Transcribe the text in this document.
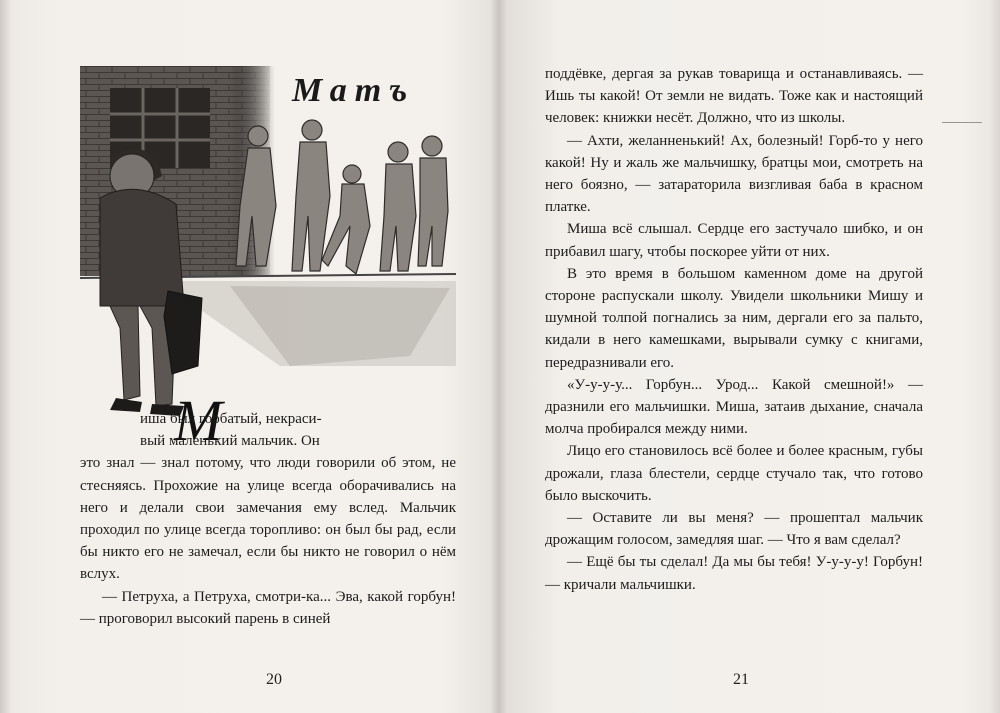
Матъ
М

иша был горбатый, некраси-

вый маленький мальчик. Он

это знал — знал потому, что люди говорили об этом, не стесняясь. Прохожие на улице всегда оборачивались на него и делали свои замечания ему вслед. Мальчик проходил по улице всегда торопливо: он был бы рад, если бы никто его не замечал, если бы никто не говорил о нём вслух.

— Петруха, а Петруха, смотри-ка... Эва, какой горбун! — проговорил высокий парень в синей

20	21

поддёвке, дергая за рукав товарища и останавливаясь. — Ишь ты какой! От земли не видать. Тоже как и настоящий человек: книжки несёт. Должно, что из школы.

— Ахти, желанненький! Ах, болезный! Горб-то у него какой! Ну и жаль же мальчишку, братцы мои, смотреть на него боязно, — затараторила визгливая баба в красном платке.

Миша всё слышал. Сердце его застучало шибко, и он прибавил шагу, чтобы поскорее уйти от них.

В это время в большом каменном доме на другой стороне распускали школу. Увидели школьники Мишу и шумной толпой погнались за ним, дергали его за пальто, кидали в него камешками, вырывали сумку с книгами, передразнивали его.

«У-у-у-у... Горбун... Урод... Какой смешной!» — дразнили его мальчишки. Миша, затаив дыхание, сначала молча пробирался между ними.

Лицо его становилось всё более и более красным, губы дрожали, глаза блестели, сердце стучало так, что готово было выскочить.

— Оставите ли вы меня? — прошептал мальчик дрожащим голосом, замедляя шаг. — Что я вам сделал?

— Ещё бы ты сделал! Да мы бы тебя! У-у-у-у! Горбун! — кричали мальчишки.
